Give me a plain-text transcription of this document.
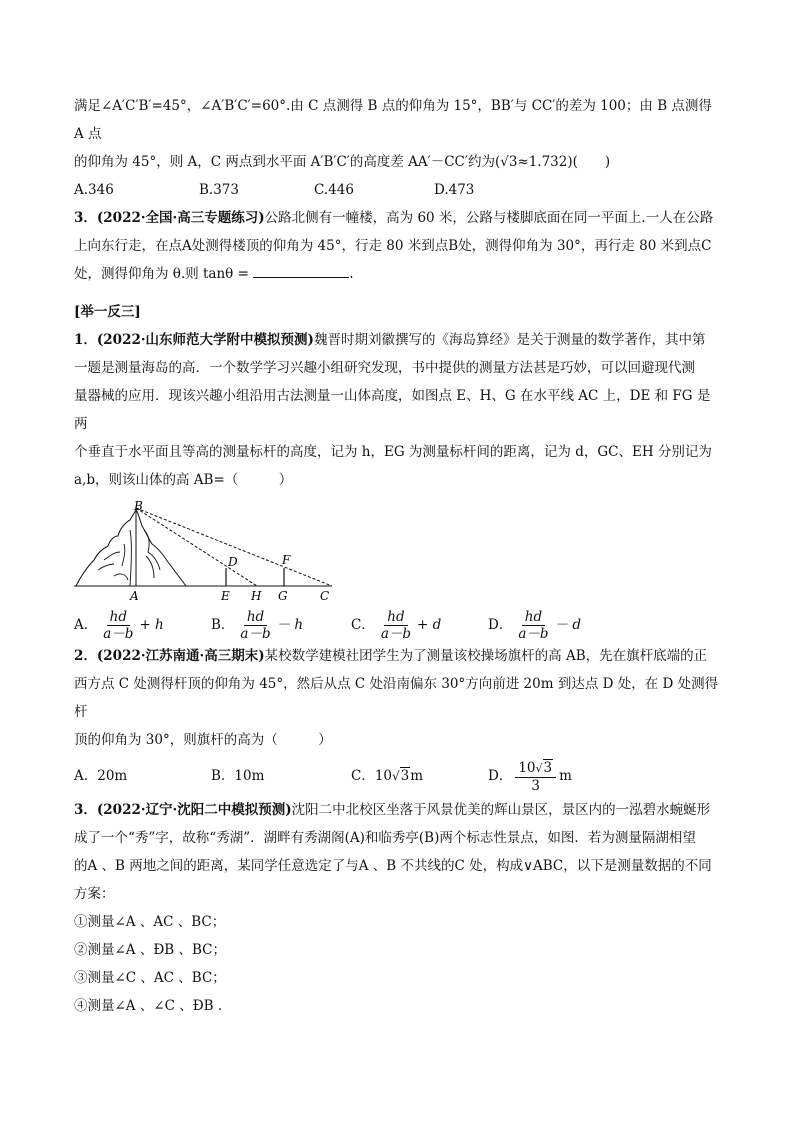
满足∠A′C′B′=45°，∠A′B′C′=60°.由 C 点测得 B 点的仰角为 15°，BB′与 CC′的差为 100；由 B 点测得 A 点

的仰角为 45°，则 A，C 两点到水平面 A′B′C′的高度差 AA′－CC′约为(√3≈1.732)(　　)

A.346	B.373	C.446	D.473

3．(2022·全国·高三专题练习)公路北侧有一幢楼，高为 60 米，公路与楼脚底面在同一平面上.一人在公路

上向东行走，在点A处测得楼顶的仰角为 45°，行走 80 米到点B处，测得仰角为 30°，再行走 80 米到点C

处，测得仰角为 θ.则 tanθ =	.

[举一反三]

1．(2022·山东师范大学附中模拟预测)魏晋时期刘徽撰写的《海岛算经》是关于测量的数学著作，其中第

一题是测量海岛的高．一个数学学习兴趣小组研究发现，书中提供的测量方法甚是巧妙，可以回避现代测

量器械的应用．现该兴趣小组沿用古法测量一山体高度，如图点 E、H、G 在水平线 AC 上，DE 和 FG 是两

个垂直于水平面且等高的测量标杆的高度，记为 h，EG 为测量标杆间的距离，记为 d，GC、EH 分别记为

a,b，则该山体的高 AB=（　　　）

B
A
D	F
E H G	C
A． $\frac{hd}{a-b} + h$	B． $\frac{hd}{a-b} - h$	C． $\frac{hd}{a-b} + d$	D． $\frac{hd}{a-b} - d$

2．(2022·江苏南通·高三期末)某校数学建模社团学生为了测量该校操场旗杆的高 AB，先在旗杆底端的正

西方点 C 处测得杆顶的仰角为 45°，然后从点 C 处沿南偏东 30°方向前进 20m 到达点 D 处，在 D 处测得杆

顶的仰角为 30°，则旗杆的高为（　　　）

A．20m	B．10m	C．10√3m	D． $\frac{10√3}{3}$ m

3．(2022·辽宁·沈阳二中模拟预测)沈阳二中北校区坐落于风景优美的辉山景区，景区内的一泓碧水蜿蜒形

成了一个“秀”字，故称“秀湖”．湖畔有秀湖阁(A)和临秀亭(B)两个标志性景点，如图．若为测量隔湖相望

的A 、B 两地之间的距离，某同学任意选定了与A 、B 不共线的C 处，构成∨ABC，以下是测量数据的不同

方案：

①测量∠A 、AC 、BC；
②测量∠A 、ÐB 、BC；
③测量∠C 、AC 、BC；
④测量∠A 、∠C 、ÐB .
